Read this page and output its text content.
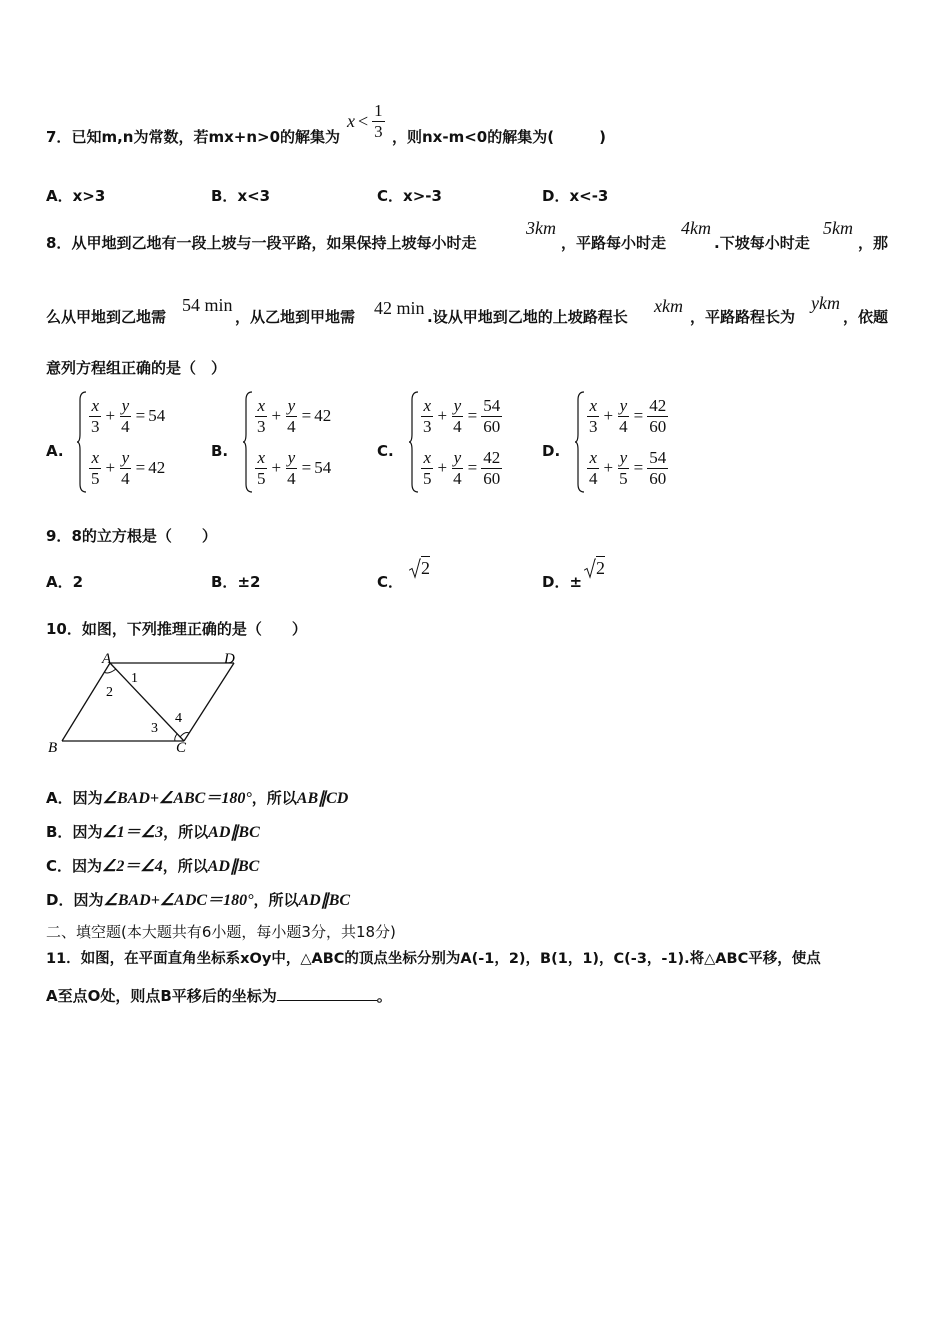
7．已知m,n为常数，若mx+n>0的解集为
$x < \frac{1}{3}$ ，则nx-m<0的解集为(　　　)
A．x>3	B．x<3	C．x>-3	D．x<-3
8．从甲地到乙地有一段上坡与一段平路，如果保持上坡每小时走
3km
，平路每小时走
4km
.下坡每小时走
5km
，那
么从甲地到乙地需
54 min
，从乙地到甲地需 42 min .设从甲地到乙地的上坡路程长
xkm
，平路路程长为
ykm
，依题
意列方程组正确的是（　）
A.
$\frac{x}{3} + \frac{y}{4} = 54$
$\frac{x}{5} + \frac{y}{4} = 42$
B.
$\frac{x}{3} + \frac{y}{4} = 42$
$\frac{x}{5} + \frac{y}{4} = 54$
C.
$\frac{x}{3} + \frac{y}{4} = \frac{54}{60}$
$\frac{x}{5} + \frac{y}{4} = \frac{42}{60}$	D.
$\frac{x}{3} + \frac{y}{4} = \frac{42}{60}$
$\frac{x}{4} + \frac{y}{5} = \frac{54}{60}$
9．8的立方根是（　　）
A．2	B．±2	C．
2
D．±
2
10．如图，下列推理正确的是（　　）
A	D
B	C
1
2
3
4
A．因为∠BAD+∠ABC＝180°，所以AB∥CD
B．因为∠1＝∠3，所以AD∥BC
C．因为∠2＝∠4，所以AD∥BC
D．因为∠BAD+∠ADC＝180°，所以AD∥BC
二、填空题(本大题共有6小题，每小题3分，共18分)
11．如图，在平面直角坐标系xOy中，△ABC的顶点坐标分别为A(-1，2)，B(1，1)，C(-3，-1).将△ABC平移，使点
A至点O处，则点B平移后的坐标为	。
